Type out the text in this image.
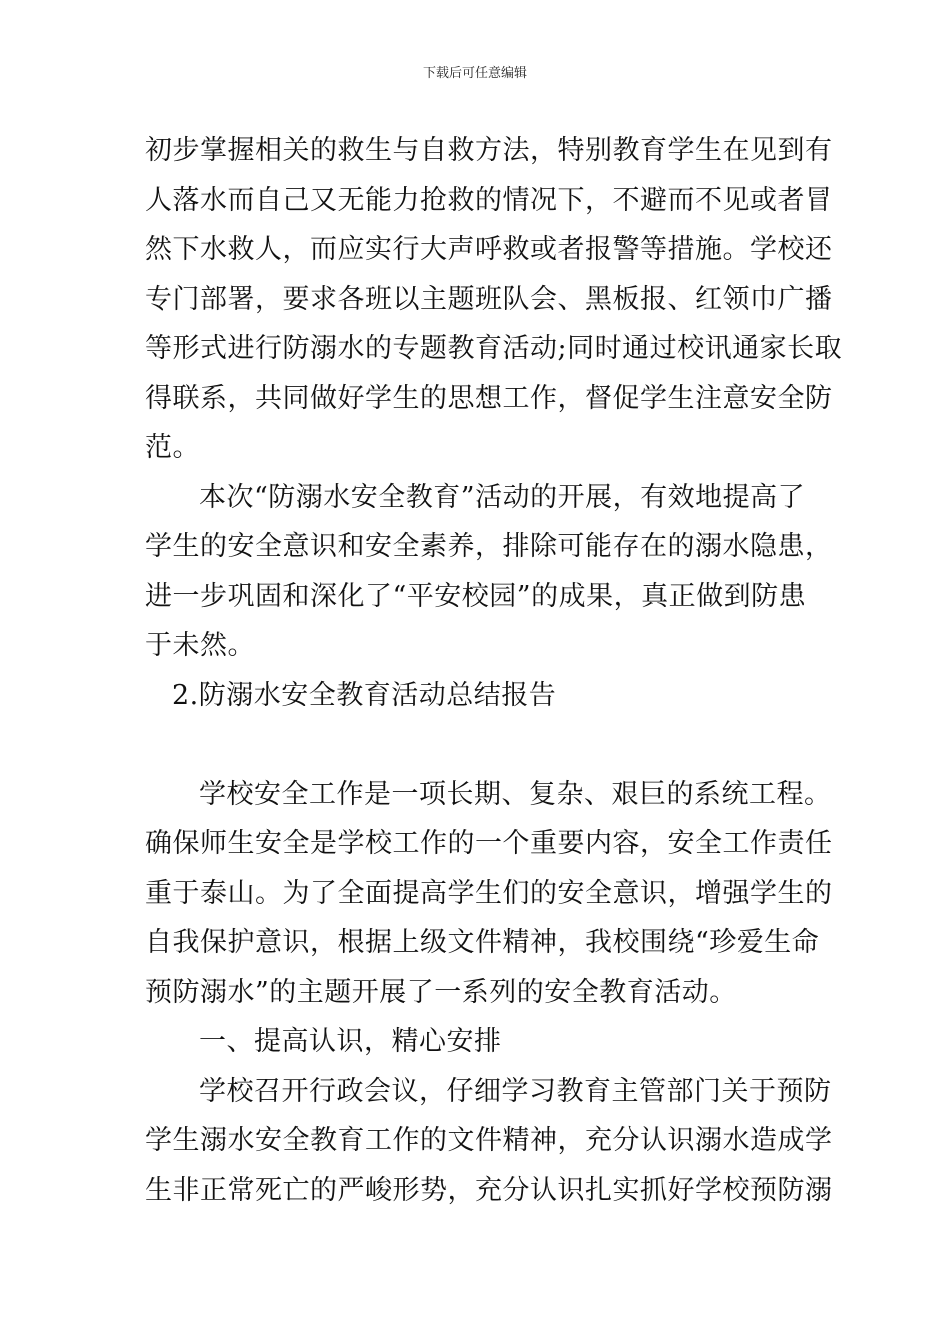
下载后可任意编辑
初步掌握相关的救生与自救方法，特别教育学生在见到有
人落水而自己又无能力抢救的情况下，不避而不见或者冒
然下水救人，而应实行大声呼救或者报警等措施。学校还
专门部署，要求各班以主题班队会、黑板报、红领巾广播
等形式进行防溺水的专题教育活动;同时通过校讯通家长取
得联系，共同做好学生的思想工作，督促学生注意安全防
范。
本次“防溺水安全教育”活动的开展，有效地提高了
学生的安全意识和安全素养，排除可能存在的溺水隐患，
进一步巩固和深化了“平安校园”的成果，真正做到防患
于未然。
2.防溺水安全教育活动总结报告
学校安全工作是一项长期、复杂、艰巨的系统工程。
确保师生安全是学校工作的一个重要内容，安全工作责任
重于泰山。为了全面提高学生们的安全意识，增强学生的
自我保护意识，根据上级文件精神，我校围绕“珍爱生命
预防溺水”的主题开展了一系列的安全教育活动。
一、提高认识，精心安排
学校召开行政会议，仔细学习教育主管部门关于预防
学生溺水安全教育工作的文件精神，充分认识溺水造成学
生非正常死亡的严峻形势，充分认识扎实抓好学校预防溺
